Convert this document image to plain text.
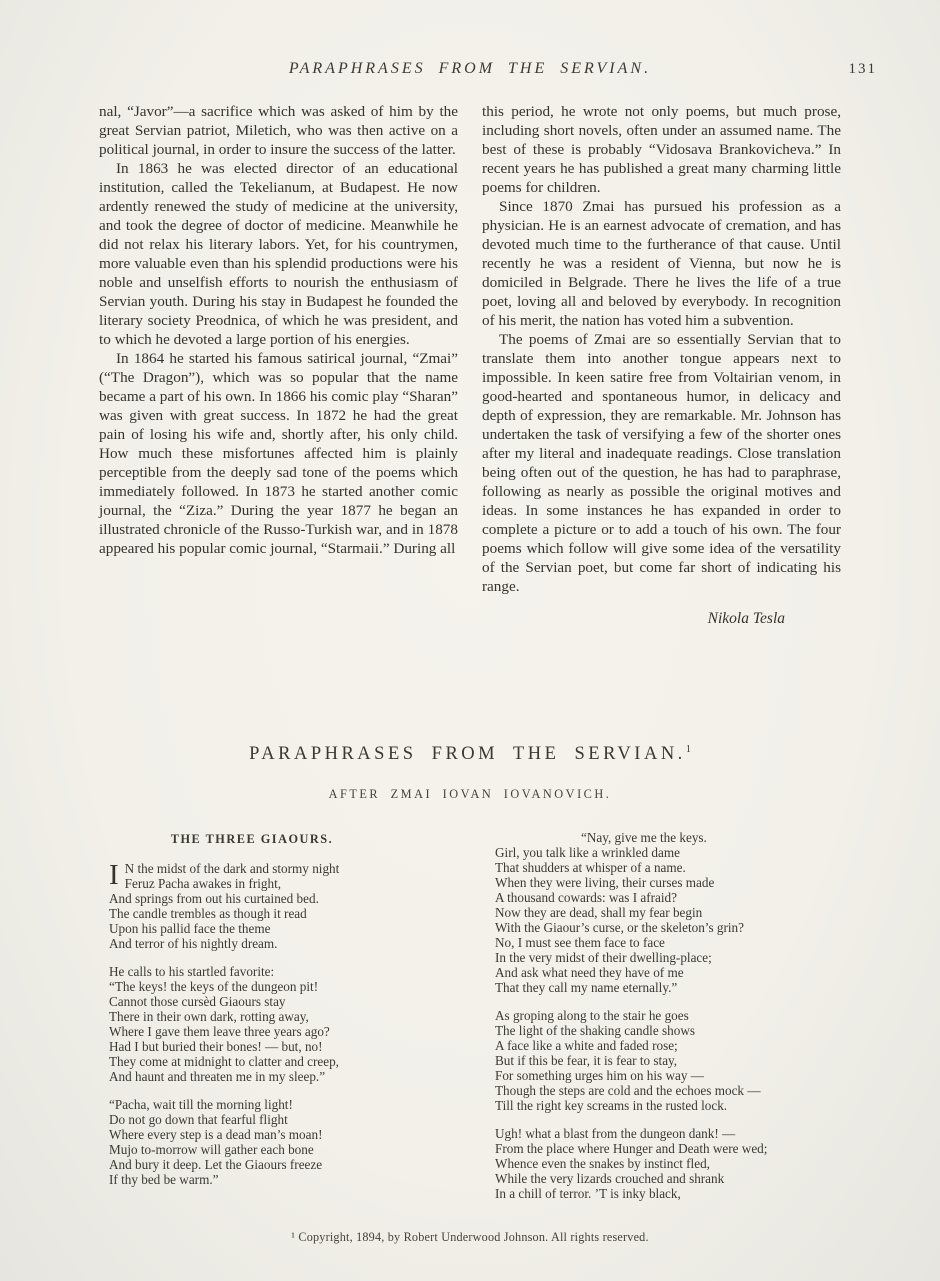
PARAPHRASES FROM THE SERVIAN.	131

nal, “Javor”—a sacrifice which was asked of him by the great Servian patriot, Miletich, who was then active on a political journal, in order to insure the success of the latter.

In 1863 he was elected director of an educational institution, called the Tekelianum, at Budapest. He now ardently renewed the study of medicine at the university, and took the degree of doctor of medicine. Meanwhile he did not relax his literary labors. Yet, for his countrymen, more valuable even than his splendid productions were his noble and unselfish efforts to nourish the enthusiasm of Servian youth. During his stay in Budapest he founded the literary society Preodnica, of which he was president, and to which he devoted a large portion of his energies.

In 1864 he started his famous satirical journal, “Zmai” (“The Dragon”), which was so popular that the name became a part of his own. In 1866 his comic play “Sharan” was given with great success. In 1872 he had the great pain of losing his wife and, shortly after, his only child. How much these misfortunes affected him is plainly perceptible from the deeply sad tone of the poems which immediately followed. In 1873 he started another comic journal, the “Ziza.” During the year 1877 he began an illustrated chronicle of the Russo-Turkish war, and in 1878 appeared his popular comic journal, “Starmaii.” During all

this period, he wrote not only poems, but much prose, including short novels, often under an assumed name. The best of these is probably “Vidosava Brankovicheva.” In recent years he has published a great many charming little poems for children.

Since 1870 Zmai has pursued his profession as a physician. He is an earnest advocate of cremation, and has devoted much time to the furtherance of that cause. Until recently he was a resident of Vienna, but now he is domiciled in Belgrade. There he lives the life of a true poet, loving all and beloved by everybody. In recognition of his merit, the nation has voted him a subvention.

The poems of Zmai are so essentially Servian that to translate them into another tongue appears next to impossible. In keen satire free from Voltairian venom, in good-hearted and spontaneous humor, in delicacy and depth of expression, they are remarkable. Mr. Johnson has undertaken the task of versifying a few of the shorter ones after my literal and inadequate readings. Close translation being often out of the question, he has had to paraphrase, following as nearly as possible the original motives and ideas. In some instances he has expanded in order to complete a picture or to add a touch of his own. The four poems which follow will give some idea of the versatility of the Servian poet, but come far short of indicating his range.

Nikola Tesla
PARAPHRASES FROM THE SERVIAN.$^1$
AFTER ZMAI IOVAN IOVANOVICH.
THE THREE GIAOURS.
I N the midst of the dark and stormy night
Feruz Pacha awakes in fright,
And springs from out his curtained bed.
The candle trembles as though it read
Upon his pallid face the theme
And terror of his nightly dream.
He calls to his startled favorite:
“The keys! the keys of the dungeon pit!
Cannot those cursèd Giaours stay
There in their own dark, rotting away,
Where I gave them leave three years ago?
Had I but buried their bones! — but, no!
They come at midnight to clatter and creep,
And haunt and threaten me in my sleep.”
“Pacha, wait till the morning light!
Do not go down that fearful flight
Where every step is a dead man’s moan!
Mujo to-morrow will gather each bone
And bury it deep. Let the Giaours freeze
If thy bed be warm.”
“Nay, give me the keys.
Girl, you talk like a wrinkled dame
That shudders at whisper of a name.
When they were living, their curses made
A thousand cowards: was I afraid?
Now they are dead, shall my fear begin
With the Giaour’s curse, or the skeleton’s grin?
No, I must see them face to face
In the very midst of their dwelling-place;
And ask what need they have of me
That they call my name eternally.”
As groping along to the stair he goes
The light of the shaking candle shows
A face like a white and faded rose;
But if this be fear, it is fear to stay,
For something urges him on his way —
Though the steps are cold and the echoes mock —
Till the right key screams in the rusted lock.
Ugh! what a blast from the dungeon dank! —
From the place where Hunger and Death were wed;
Whence even the snakes by instinct fled,
While the very lizards crouched and shrank
In a chill of terror. ’T is inky black,
¹ Copyright, 1894, by Robert Underwood Johnson. All rights reserved.
